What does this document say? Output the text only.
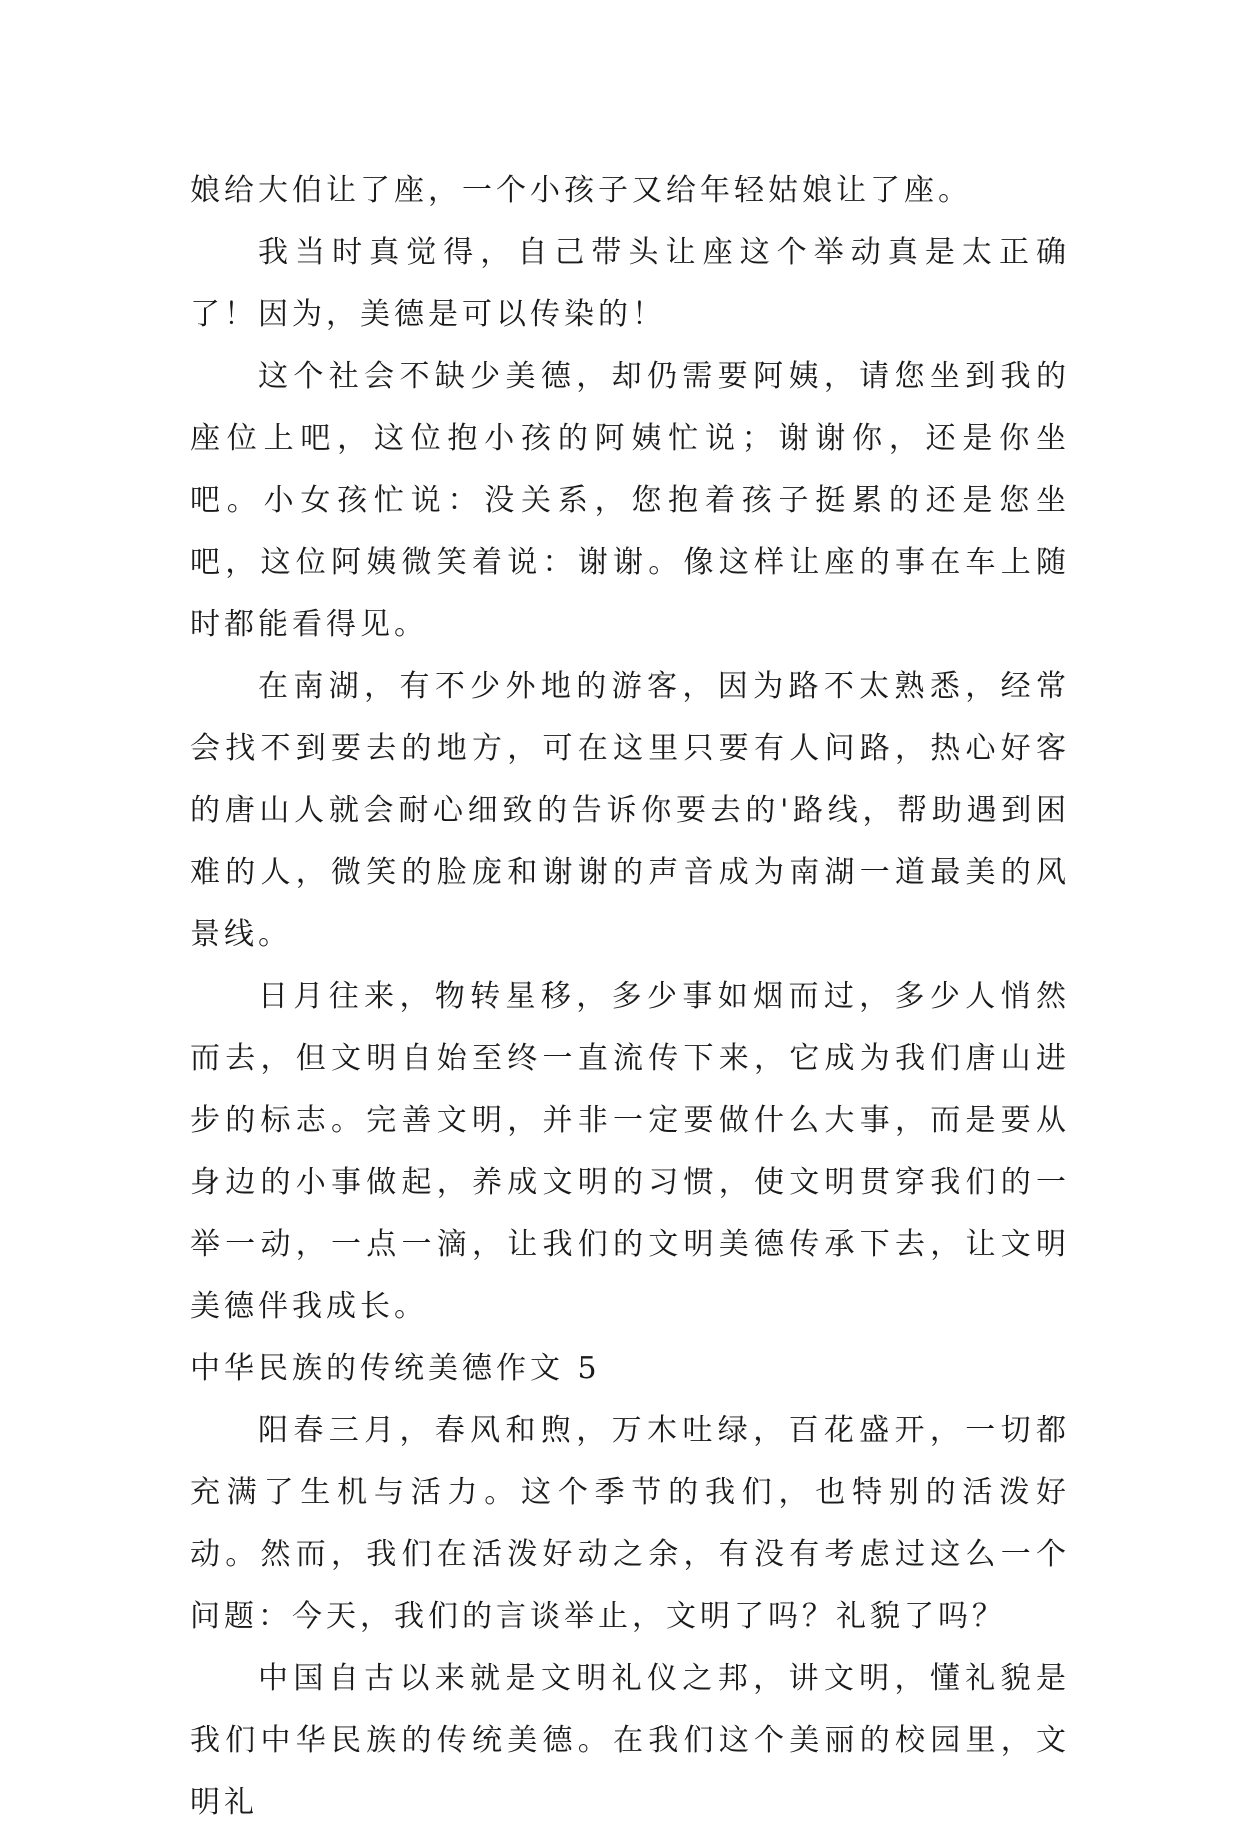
娘给大伯让了座，一个小孩子又给年轻姑娘让了座。

我当时真觉得，自己带头让座这个举动真是太正确了！因为，美德是可以传染的！

这个社会不缺少美德，却仍需要阿姨，请您坐到我的座位上吧，这位抱小孩的阿姨忙说；谢谢你，还是你坐吧。小女孩忙说：没关系，您抱着孩子挺累的还是您坐吧，这位阿姨微笑着说：谢谢。像这样让座的事在车上随时都能看得见。

在南湖，有不少外地的游客，因为路不太熟悉，经常会找不到要去的地方，可在这里只要有人问路，热心好客的唐山人就会耐心细致的告诉你要去的'路线，帮助遇到困难的人，微笑的脸庞和谢谢的声音成为南湖一道最美的风景线。

日月往来，物转星移，多少事如烟而过，多少人悄然而去，但文明自始至终一直流传下来，它成为我们唐山进步的标志。完善文明，并非一定要做什么大事，而是要从身边的小事做起，养成文明的习惯，使文明贯穿我们的一举一动，一点一滴，让我们的文明美德传承下去，让文明美德伴我成长。

中华民族的传统美德作文 5

阳春三月，春风和煦，万木吐绿，百花盛开，一切都充满了生机与活力。这个季节的我们，也特别的活泼好动。然而，我们在活泼好动之余，有没有考虑过这么一个问题：今天，我们的言谈举止，文明了吗？礼貌了吗？

中国自古以来就是文明礼仪之邦，讲文明，懂礼貌是我们中华民族的传统美德。在我们这个美丽的校园里，文明礼
